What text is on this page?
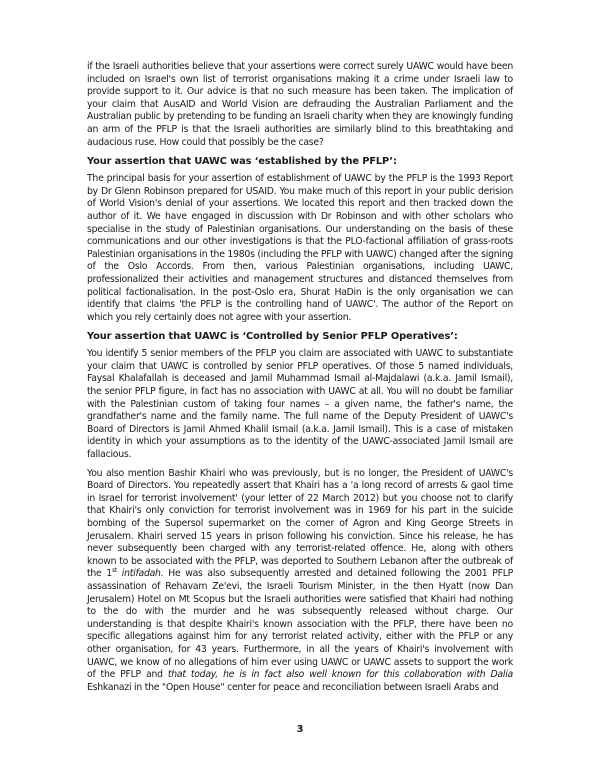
if the Israeli authorities believe that your assertions were correct surely UAWC would have been included on Israel's own list of terrorist organisations making it a crime under Israeli law to provide support to it. Our advice is that no such measure has been taken. The implication of your claim that AusAID and World Vision are defrauding the Australian Parliament and the Australian public by pretending to be funding an Israeli charity when they are knowingly funding an arm of the PFLP is that the Israeli authorities are similarly blind to this breathtaking and audacious ruse. How could that possibly be the case?

Your assertion that UAWC was ‘established by the PFLP’:

The principal basis for your assertion of establishment of UAWC by the PFLP is the 1993 Report by Dr Glenn Robinson prepared for USAID. You make much of this report in your public derision of World Vision's denial of your assertions. We located this report and then tracked down the author of it. We have engaged in discussion with Dr Robinson and with other scholars who specialise in the study of Palestinian organisations. Our understanding on the basis of these communications and our other investigations is that the PLO-factional affiliation of grass-roots Palestinian organisations in the 1980s (including the PFLP with UAWC) changed after the signing of the Oslo Accords. From then, various Palestinian organisations, including UAWC, professionalized their activities and management structures and distanced themselves from political factionalisation. In the post-Oslo era, Shurat HaDin is the only organisation we can identify that claims 'the PFLP is the controlling hand of UAWC'. The author of the Report on which you rely certainly does not agree with your assertion.

Your assertion that UAWC is ‘Controlled by Senior PFLP Operatives’:

You identify 5 senior members of the PFLP you claim are associated with UAWC to substantiate your claim that UAWC is controlled by senior PFLP operatives. Of those 5 named individuals, Faysal Khalafallah is deceased and Jamil Muhammad Ismail al-Majdalawi (a.k.a. Jamil Ismail), the senior PFLP figure, in fact has no association with UAWC at all. You will no doubt be familiar with the Palestinian custom of taking four names – a given name, the father's name, the grandfather's name and the family name. The full name of the Deputy President of UAWC's Board of Directors is Jamil Ahmed Khalil Ismail (a.k.a. Jamil Ismail). This is a case of mistaken identity in which your assumptions as to the identity of the UAWC-associated Jamil Ismail are fallacious.

You also mention Bashir Khairi who was previously, but is no longer, the President of UAWC's Board of Directors. You repeatedly assert that Khairi has a 'a long record of arrests & gaol time in Israel for terrorist involvement' (your letter of 22 March 2012) but you choose not to clarify that Khairi's only conviction for terrorist involvement was in 1969 for his part in the suicide bombing of the Supersol supermarket on the corner of Agron and King George Streets in Jerusalem. Khairi served 15 years in prison following his conviction. Since his release, he has never subsequently been charged with any terrorist-related offence. He, along with others known to be associated with the PFLP, was deported to Southern Lebanon after the outbreak of the 1st intifadah. He was also subsequently arrested and detained following the 2001 PFLP assassination of Rehavam Ze'evi, the Israeli Tourism Minister, in the then Hyatt (now Dan Jerusalem) Hotel on Mt Scopus but the Israeli authorities were satisfied that Khairi had nothing to the do with the murder and he was subsequently released without charge. Our understanding is that despite Khairi's known association with the PFLP, there have been no specific allegations against him for any terrorist related activity, either with the PFLP or any other organisation, for 43 years. Furthermore, in all the years of Khairi's involvement with UAWC, we know of no allegations of him ever using UAWC or UAWC assets to support the work of the PFLP and that today, he is in fact also well known for this collaboration with Dalia Eshkanazi in the "Open House" center for peace and reconciliation between Israeli Arabs and

3
